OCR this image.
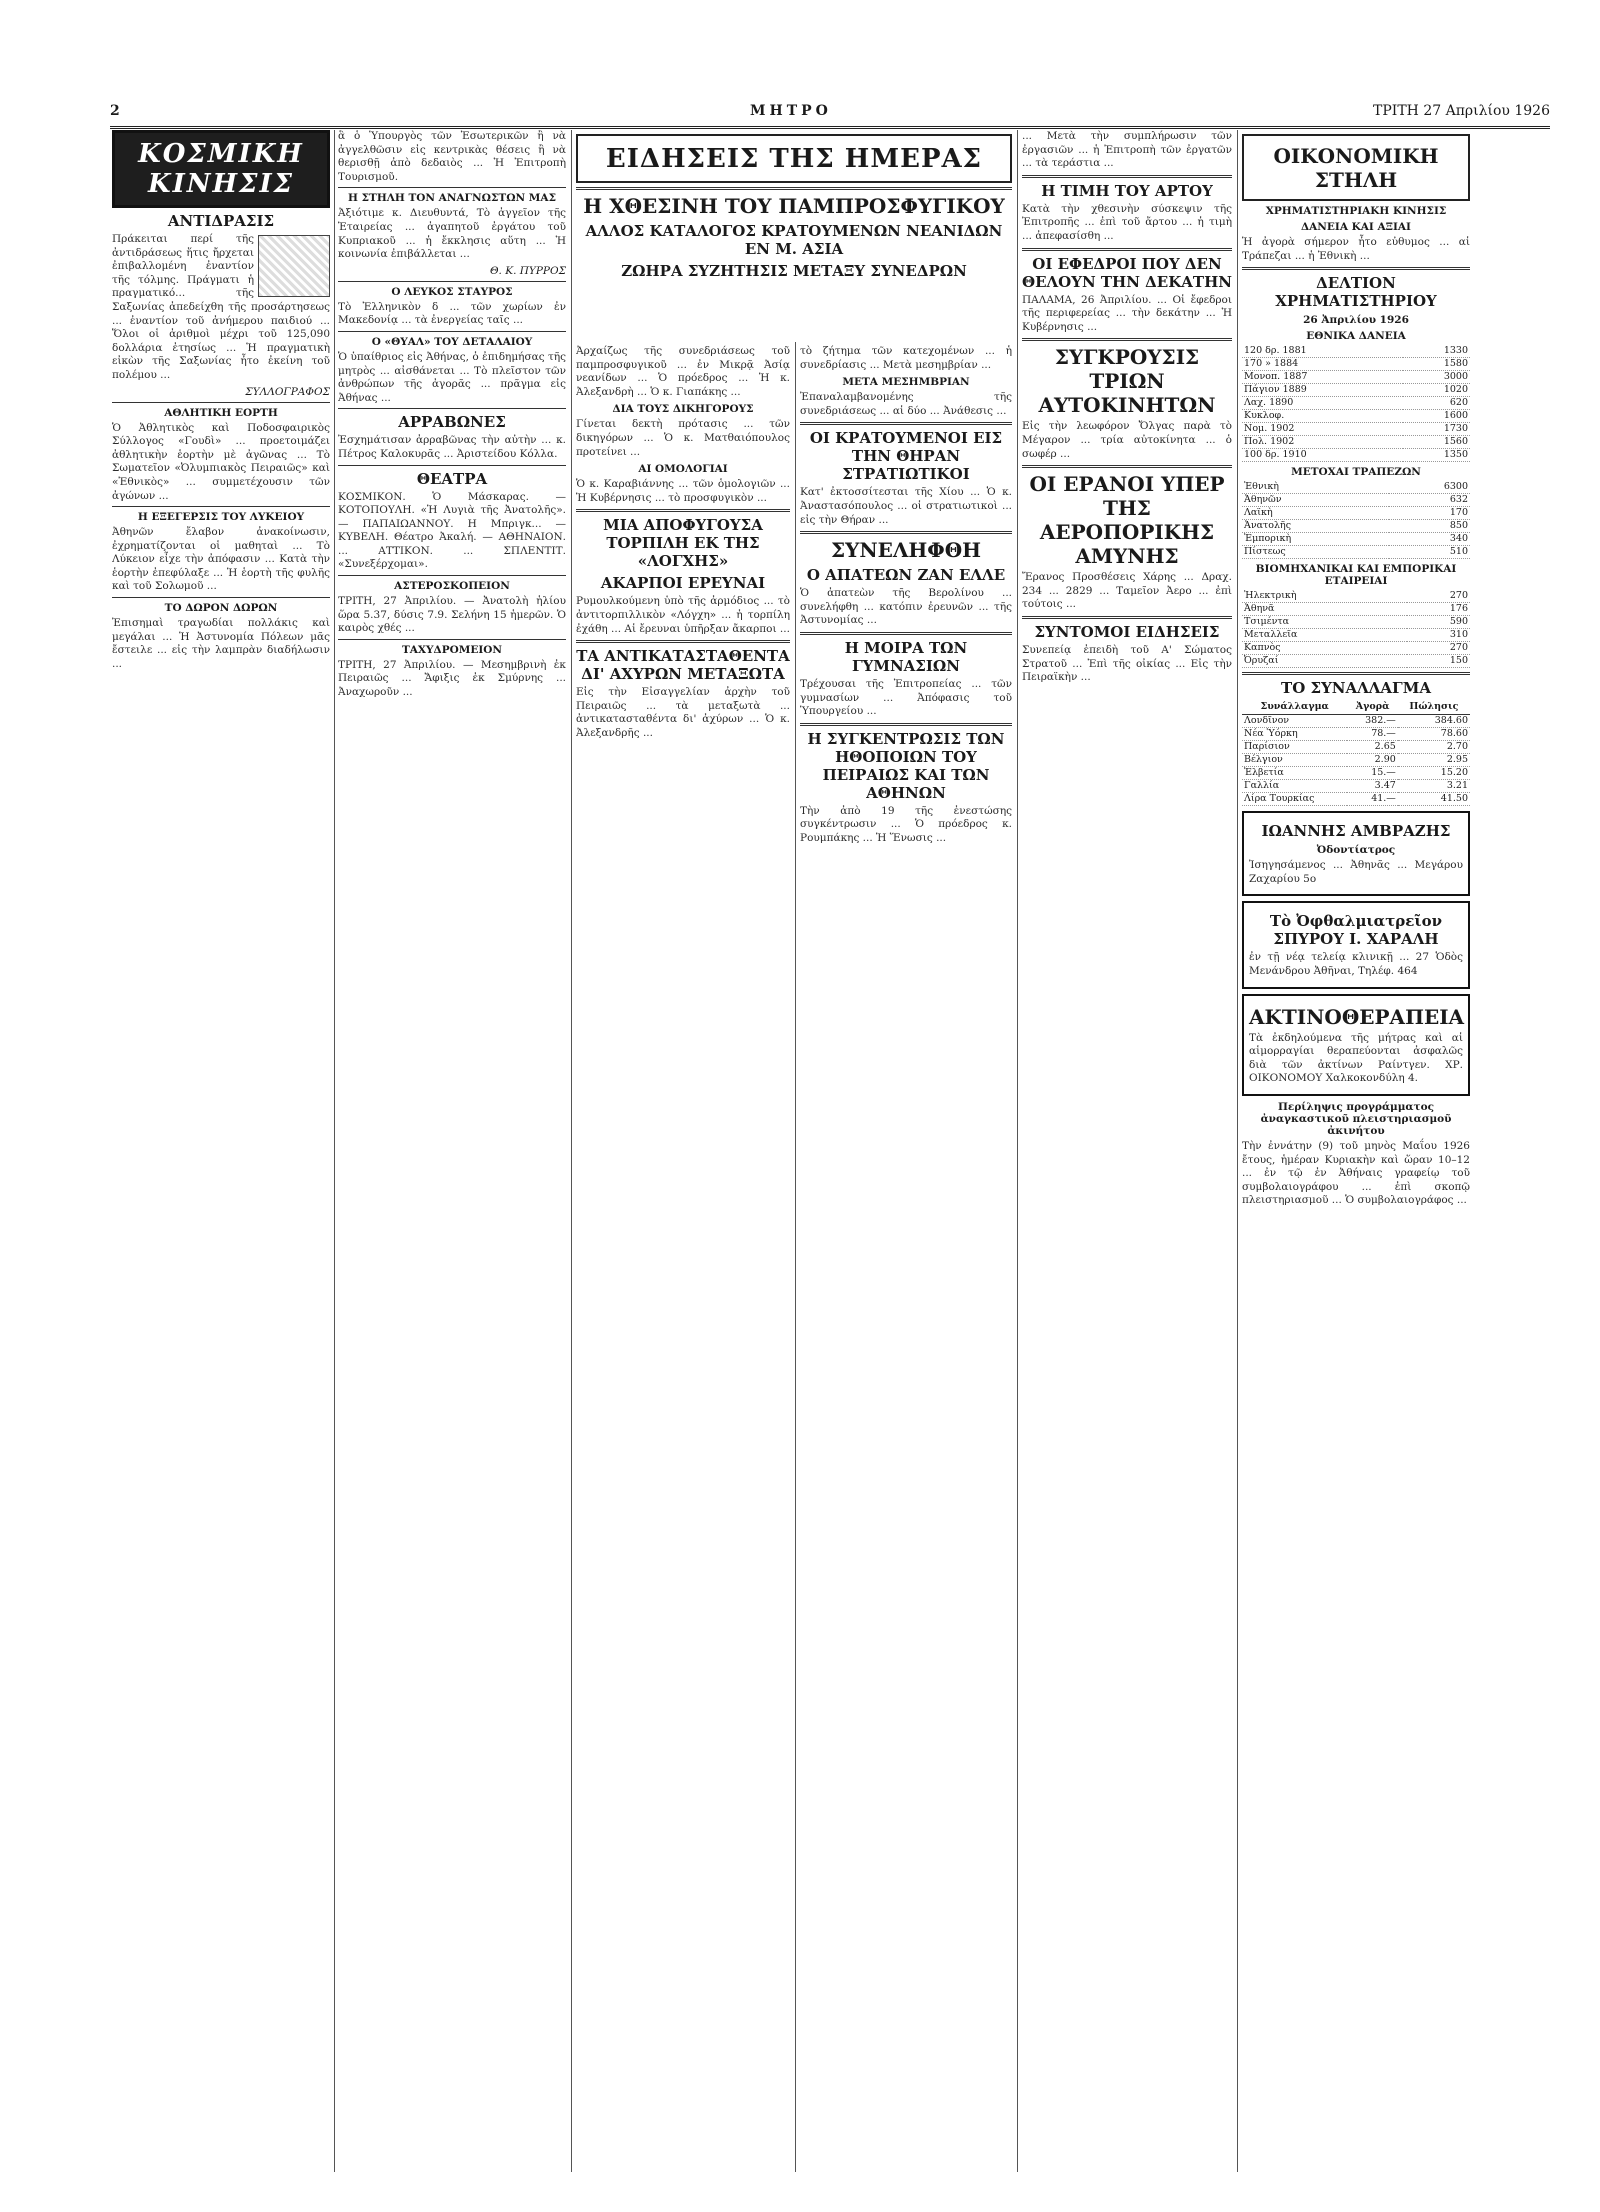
2	ΜΗΤΡΟ	ΤΡΙΤΗ 27 Απριλίου 1926
ΚΟΣΜΙΚΗ ΚΙΝΗΣΙΣ
ΑΝΤΙΔΡΑΣΙΣ

Πράκειται περί τῆς ἀντιδράσεως ἥτις ἤρχεται ἐπιβαλλομένη ἐναντίον τῆς τόλμης. Πράγματι ἡ πραγματικό... τῆς Σαξωνίας ἀπεδείχθη τῆς προσάρτησεως ... ἐναντίον τοῦ ἀνήμερου παιδιού ... Ὅλοι οἱ ἀριθμοὶ μέχρι τοῦ 125,090 δολλάρια ἐτησίως ... Ἡ πραγματικὴ εἰκὼν τῆς Σαξωνίας ἦτο ἐκείνη τοῦ πολέμου ...

ΣΥΛΛΟΓΡΑΦΟΣ
ΑΘΛΗΤΙΚΗ ΕΟΡΤΗ

Ὁ Ἀθλητικὸς καὶ Ποδοσφαιρικὸς Σύλλογος «Γουδὶ» ... προετοιμάζει ἀθλητικὴν ἑορτὴν μὲ ἀγῶνας ... Τὸ Σωματεῖον «Ὀλυμπιακὸς Πειραιῶς» καὶ «Ἐθνικὸς» ... συμμετέχουσιν τῶν ἀγώνων ...

Η ΕΞΕΓΕΡΣΙΣ ΤΟΥ ΛΥΚΕΙΟΥ

Ἀθηνῶν ἔλαβον ἀνακοίνωσιν, ἐχρηματίζονται οἱ μαθηταὶ ... Τὸ Λύκειον εἶχε τὴν ἀπόφασιν ... Κατὰ τὴν ἑορτὴν ἐπεφύλαξε ... Ἡ ἑορτὴ τῆς φυλῆς καὶ τοῦ Σολωμοῦ ...

ΤΟ ΔΩΡΟΝ ΔΩΡΩΝ

Ἐπισημαὶ τραγωδίαι πολλάκις καὶ μεγάλαι ... Ἡ Ἀστυνομία Πόλεων μᾶς ἔστειλε ... εἰς τὴν λαμπρὰν διαδήλωσιν ...

ἃ ὁ Ὑπουργὸς τῶν Ἐσωτερικῶν ἢ νὰ ἀγγελθῶσιν εἰς κεντρικὰς θέσεις ἢ νὰ θερισθῇ ἀπὸ δεδαιὸς ... Ἡ Ἐπιτροπὴ Τουρισμοῦ.

Η ΣΤΗΛΗ ΤΟΝ ΑΝΑΓΝΩΣΤΩΝ ΜΑΣ

Ἀξιότιμε κ. Διευθυντά, Τὸ ἀγγεῖον τῆς Ἑταιρείας ... ἀγαπητοῦ ἐργάτου τοῦ Κυπριακοῦ ... ἡ ἔκκλησις αὕτη ... Ἡ κοινωνία ἐπιβάλλεται ...

Θ. Κ. ΠΥΡΡΟΣ
Ο ΛΕΥΚΟΣ ΣΤΑΥΡΟΣ

Τὸ Ἐλληνικὸν δ ... τῶν χωρίων ἐν Μακεδονίᾳ ... τὰ ἐνεργείας ταῖς ...

Ο «ΘΥΑΛ» ΤΟΥ ΔΕΤΑΛΑΙΟΥ

Ὁ ὑπαίθριος εἰς Ἀθήνας, ὁ ἐπιδημήσας τῆς μητρὸς ... αἰσθάνεται ... Τὸ πλεῖστον τῶν ἀνθρώπων τῆς ἀγορᾶς ... πρᾶγμα εἰς Ἀθήνας ...

ΑΡΡΑΒΩΝΕΣ

Ἐσχημάτισαν ἀρραβῶνας τὴν αὐτὴν ... κ. Πέτρος Καλοκυρᾶς ... Ἀριστείδου Κόλλα.

ΘΕΑΤΡΑ

ΚΟΣΜΙΚΟΝ. Ὁ Μάσκαρας. — ΚΟΤΟΠΟΥΛΗ. «Ἡ Λυγιὰ τῆς Ἀνατολῆς». — ΠΑΠΑΙΩΑΝΝΟΥ. Η Μπριγκ... — ΚΥΒΕΛΗ. Θέατρο Ἀκαλή. — ΑΘΗΝΑΙΟΝ. ... ΑΤΤΙΚΟΝ. ... ΣΠΛΕΝΤΙΤ. «Συνεξέρχομαι».

ΑΣΤΕΡΟΣΚΟΠΕΙΟΝ

ΤΡΙΤΗ, 27 Ἀπριλίου. — Ἀνατολὴ ἡλίου ὥρα 5.37, δύσις 7.9. Σελήνη 15 ἡμερῶν. Ὁ καιρὸς χθές ...

ΤΑΧΥΔΡΟΜΕΙΟΝ

ΤΡΙΤΗ, 27 Ἀπριλίου. — Μεσημβρινὴ ἐκ Πειραιῶς ... Ἄφιξις ἐκ Σμύρνης ... Ἀναχωροῦν ...

ΕΙΔΗΣΕΙΣ ΤΗΣ ΗΜΕΡΑΣ
Η ΧΘΕΣΙΝΗ ΤΟΥ ΠΑΜΠΡΟΣΦΥΓΙΚΟΥ
ΑΛΛΟΣ ΚΑΤΑΛΟΓΟΣ ΚΡΑΤΟΥΜΕΝΩΝ ΝΕΑΝΙΔΩΝ ΕΝ Μ. ΑΣΙΑ
ΖΩΗΡΑ ΣΥΖΗΤΗΣΙΣ ΜΕΤΑΞΥ ΣΥΝΕΔΡΩΝ

Ἀρχαίζως τῆς συνεδριάσεως τοῦ παμπροσφυγικοῦ ... ἐν Μικρᾷ Ἀσίᾳ νεανίδων ... Ὁ πρόεδρος ... Ἡ κ. Ἀλεξανδρὴ ... Ὁ κ. Γιαπάκης ...

ΔΙΑ ΤΟΥΣ ΔΙΚΗΓΟΡΟΥΣ

Γίνεται δεκτὴ πρότασις ... τῶν δικηγόρων ... Ὁ κ. Ματθαιόπουλος προτείνει ...

ΑΙ ΟΜΟΛΟΓΙΑΙ

Ὁ κ. Καραβιάννης ... τῶν ὁμολογιῶν ... Ἡ Κυβέρνησις ... τὸ προσφυγικὸν ...

ΜΙΑ ΑΠΟΦΥΓΟΥΣΑ ΤΟΡΠΙΛΗ ΕΚ ΤΗΣ «ΛΟΓΧΗΣ»
ΑΚΑΡΠΟΙ ΕΡΕΥΝΑΙ

Ρυμουλκούμενη ὑπὸ τῆς ἀρμόδιος ... τὸ ἀντιτορπιλλικὸν «Λόγχη» ... ἡ τορπίλη ἐχάθη ... Αἱ ἔρευναι ὑπῆρξαν ἄκαρποι ...

ΤΑ ΑΝΤΙΚΑΤΑΣΤΑΘΕΝΤΑ ΔΙ' ΑΧΥΡΩΝ ΜΕΤΑΞΩΤΑ

Εἰς τὴν Εἰσαγγελίαν ἀρχὴν τοῦ Πειραιῶς ... τὰ μεταξωτὰ ... ἀντικατασταθέντα δι' ἀχύρων ... Ὁ κ. Ἀλεξανδρῆς ...

τὸ ζήτημα τῶν κατεχομένων ... ἡ συνεδρίασις ... Μετὰ μεσημβρίαν ...

ΜΕΤΑ ΜΕΣΗΜΒΡΙΑΝ

Ἐπαναλαμβανομένης τῆς συνεδριάσεως ... αἱ δύο ... Ἀνάθεσις ...

ΟΙ ΚΡΑΤΟΥΜΕΝΟΙ ΕΙΣ ΤΗΝ ΘΗΡΑΝ ΣΤΡΑΤΙΩΤΙΚΟΙ

Κατ' ἐκτοσσίτεσται τῆς Χίου ... Ὁ κ. Ἀναστασόπουλος ... οἱ στρατιωτικοὶ ... εἰς τὴν Θήραν ...

ΣΥΝΕΛΗΦΘΗ
Ο ΑΠΑΤΕΩΝ ΖΑΝ ΕΛΛΕ

Ὁ ἀπατεὼν τῆς Βερολίνου ... συνελήφθη ... κατόπιν ἐρευνῶν ... τῆς Ἀστυνομίας ...

Η ΜΟΙΡΑ ΤΩΝ ΓΥΜΝΑΣΙΩΝ

Τρέχουσαι τῆς Ἐπιτροπείας ... τῶν γυμνασίων ... Ἀπόφασις τοῦ Ὑπουργείου ...

Η ΣΥΓΚΕΝΤΡΩΣΙΣ ΤΩΝ ΗΘΟΠΟΙΩΝ ΤΟΥ ΠΕΙΡΑΙΩΣ ΚΑΙ ΤΩΝ ΑΘΗΝΩΝ

Τὴν ἀπὸ 19 τῆς ἐνεστώσης συγκέντρωσιν ... Ὁ πρόεδρος κ. Ρουμπάκης ... Ἡ Ἕνωσις ...

... Μετὰ τὴν συμπλήρωσιν τῶν ἐργασιῶν ... ἡ Ἐπιτροπὴ τῶν ἐργατῶν ... τὰ τεράστια ...

Η ΤΙΜΗ ΤΟΥ ΑΡΤΟΥ

Κατὰ τὴν χθεσινὴν σύσκεψιν τῆς Ἐπιτροπῆς ... ἐπὶ τοῦ ἄρτου ... ἡ τιμὴ ... ἀπεφασίσθη ...

ΟΙ ΕΦΕΔΡΟΙ ΠΟΥ ΔΕΝ ΘΕΛΟΥΝ ΤΗΝ ΔΕΚΑΤΗΝ

ΠΑΛΑΜΑ, 26 Ἀπριλίου. ... Οἱ ἔφεδροι τῆς περιφερείας ... τὴν δεκάτην ... Ἡ Κυβέρνησις ...

ΣΥΓΚΡΟΥΣΙΣ ΤΡΙΩΝ ΑΥΤΟΚΙΝΗΤΩΝ

Εἰς τὴν λεωφόρον Ὄλγας παρὰ τὸ Μέγαρον ... τρία αὐτοκίνητα ... ὁ σωφέρ ...

ΟΙ ΕΡΑΝΟΙ ΥΠΕΡ ΤΗΣ ΑΕΡΟΠΟΡΙΚΗΣ ΑΜΥΝΗΣ

Ἔρανος Προσθέσεις Χάρης ... Δραχ. 234 ... 2829 ... Ταμεῖον Ἀερο ... ἐπὶ τούτοις ...

ΣΥΝΤΟΜΟΙ ΕΙΔΗΣΕΙΣ

Συνεπείᾳ ἐπειδὴ τοῦ Α' Σώματος Στρατοῦ ... Ἐπὶ τῆς οἰκίας ... Εἰς τὴν Πειραϊκὴν ...

ΟΙΚΟΝΟΜΙΚΗ ΣΤΗΛΗ
ΧΡΗΜΑΤΙΣΤΗΡΙΑΚΗ ΚΙΝΗΣΙΣ
ΔΑΝΕΙΑ ΚΑΙ ΑΞΙΑΙ

Ἡ ἀγορὰ σήμερον ἦτο εὐθυμος ... αἱ Τράπεζαι ... ἡ Ἐθνικὴ ...

ΔΕΛΤΙΟΝ ΧΡΗΜΑΤΙΣΤΗΡΙΟΥ
26 Ἀπριλίου 1926
ΕΘΝΙΚΑ ΔΑΝΕΙΑ
120 δρ. 1881	1330
170 » 1884	1580
Μονοπ. 1887	3000
Πάγιον 1889	1020
Λαχ. 1890	620
Κυκλοφ.	1600
Νομ. 1902	1730
Πολ. 1902	1560
100 δρ. 1910	1350
ΜΕΤΟΧΑΙ ΤΡΑΠΕΖΩΝ
Ἐθνικὴ	6300
Ἀθηνῶν	632
Λαϊκὴ	170
Ἀνατολῆς	850
Ἐμπορικὴ	340
Πίστεως	510
ΒΙΟΜΗΧΑΝΙΚΑΙ ΚΑΙ ΕΜΠΟΡΙΚΑΙ ΕΤΑΙΡΕΙΑΙ
Ἠλεκτρικὴ	270
Ἀθηνᾶ	176
Τσιμέντα	590
Μεταλλεῖα	310
Καπνὸς	270
Ὀρυζαί	150
ΤΟ ΣΥΝΑΛΛΑΓΜΑ
Συνάλλαγμα	Ἀγορὰ	Πώλησις
Λονδῖνον	382.—	384.60
Νέα Ὑόρκη	78.—	78.60
Παρίσιον	2.65	2.70
Βέλγιον	2.90	2.95
Ἑλβετία	15.—	15.20
Γαλλία	3.47	3.21
Λίρα Τουρκίας	41.—	41.50
ΙΩΑΝΝΗΣ ΑΜΒΡΑΖΗΣ
Ὀδοντίατρος

Ἰσηγησάμενος ... Ἀθηνᾶς ... Μεγάρου Ζαχαρίου 5ο

Τὸ Ὀφθαλμιατρεῖον ΣΠΥΡΟΥ Ι. ΧΑΡΑΛΗ

ἐν τῇ νέᾳ τελείᾳ κλινικῇ ... 27 Ὁδὸς Μενάνδρου Ἀθῆναι, Τηλέφ. 464

ΑΚΤΙΝΟΘΕΡΑΠΕΙΑ

Τὰ ἐκδηλούμενα τῆς μήτρας καὶ αἱ αἱμορραγίαι θεραπεύονται ἀσφαλῶς διὰ τῶν ἀκτίνων Ραίντγεν. ΧΡ. ΟΙΚΟΝΟΜΟΥ Χαλκοκονδύλη 4.

Περίληψις προγράμματος ἀναγκαστικοῦ πλειστηριασμοῦ ἀκινήτου

Τὴν ἐννάτην (9) τοῦ μηνὸς Μαΐου 1926 ἔτους, ἡμέραν Κυριακὴν καὶ ὥραν 10–12 ... ἐν τῷ ἐν Ἀθήναις γραφείῳ τοῦ συμβολαιογράφου ... ἐπὶ σκοπῷ πλειστηριασμοῦ ... Ὁ συμβολαιογράφος ...
